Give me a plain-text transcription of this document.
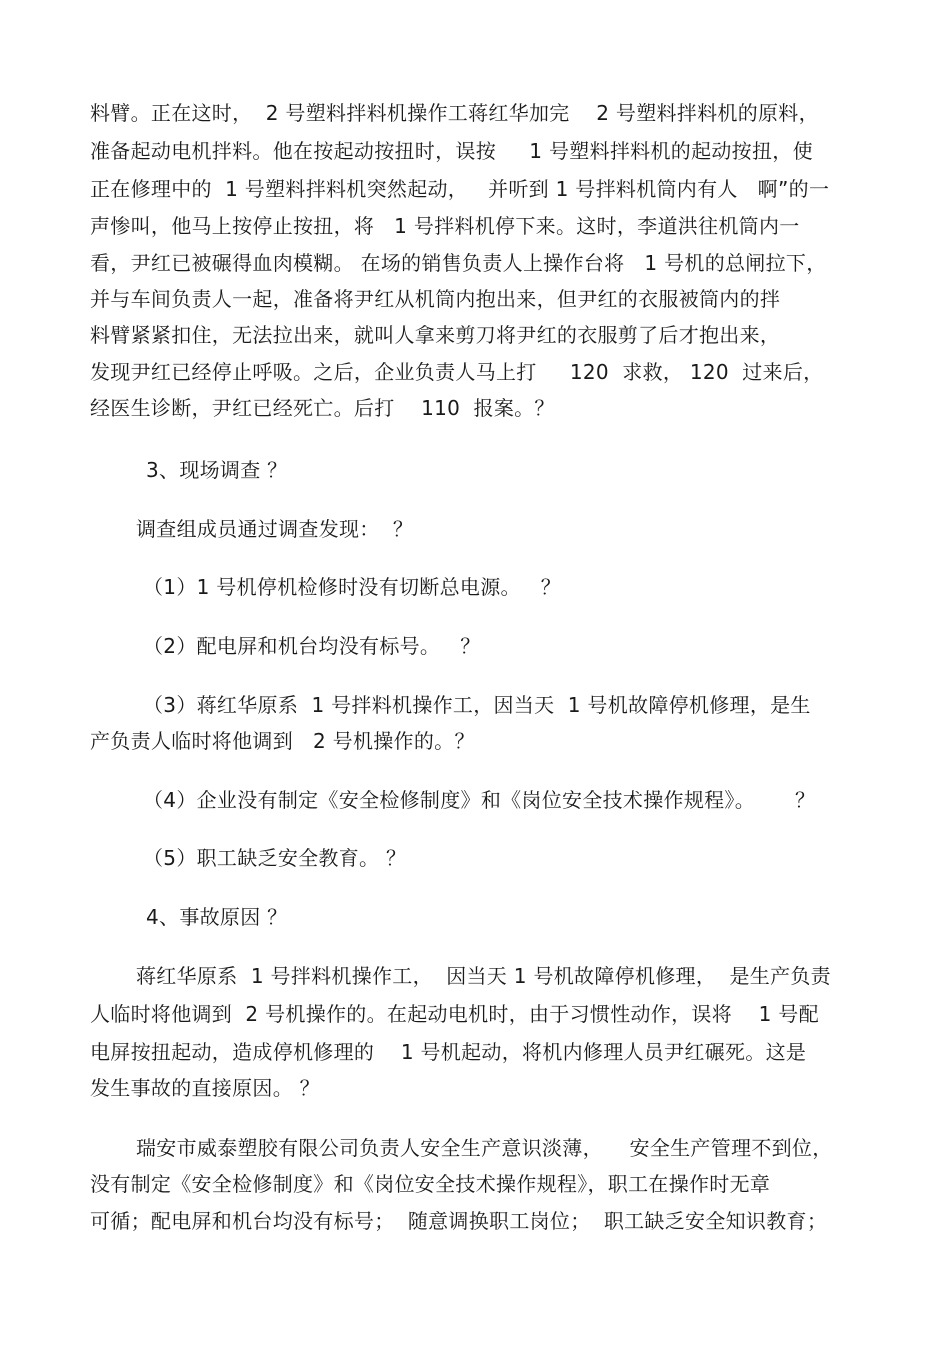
料臂。正在这时，  2 号塑料拌料机操作工蒋红华加完    2 号塑料拌料机的原料，
准备起动电机拌料。他在按起动按扭时，误按     1 号塑料拌料机的起动按扭，使
正在修理中的  1 号塑料拌料机突然起动，   并听到 1 号拌料机筒内有人   啊”的一
声惨叫，他马上按停止按扭，将   1 号拌料机停下来。这时，李道洪往机筒内一
看，尹红已被碾得血肉模糊。 在场的销售负责人上操作台将   1 号机的总闸拉下，
并与车间负责人一起，准备将尹红从机筒内抱出来，但尹红的衣服被筒内的拌
料臂紧紧扣住，无法拉出来，就叫人拿来剪刀将尹红的衣服剪了后才抱出来，
发现尹红已经停止呼吸。之后，企业负责人马上打     120  求救， 120  过来后，
经医生诊断，尹红已经死亡。后打    110  报案。？
3、现场调查 ？
调查组成员通过调查发现：  ？
（1）1 号机停机检修时没有切断总电源。   ？
（2）配电屏和机台均没有标号。   ？
（3）蒋红华原系  1 号拌料机操作工，因当天  1 号机故障停机修理，是生
产负责人临时将他调到   2 号机操作的。？
（4）企业没有制定《安全检修制度》和《岗位安全技术操作规程》。      ？
（5）职工缺乏安全教育。 ？
4、事故原因 ？
蒋红华原系  1 号拌料机操作工，  因当天 1 号机故障停机修理，  是生产负责
人临时将他调到  2 号机操作的。在起动电机时，由于习惯性动作，误将    1 号配
电屏按扭起动，造成停机修理的    1 号机起动，将机内修理人员尹红碾死。这是
发生事故的直接原因。 ？
瑞安市威泰塑胶有限公司负责人安全生产意识淡薄，    安全生产管理不到位，
没有制定《安全检修制度》和《岗位安全技术操作规程》，职工在操作时无章
可循；配电屏和机台均没有标号；  随意调换职工岗位；  职工缺乏安全知识教育；
